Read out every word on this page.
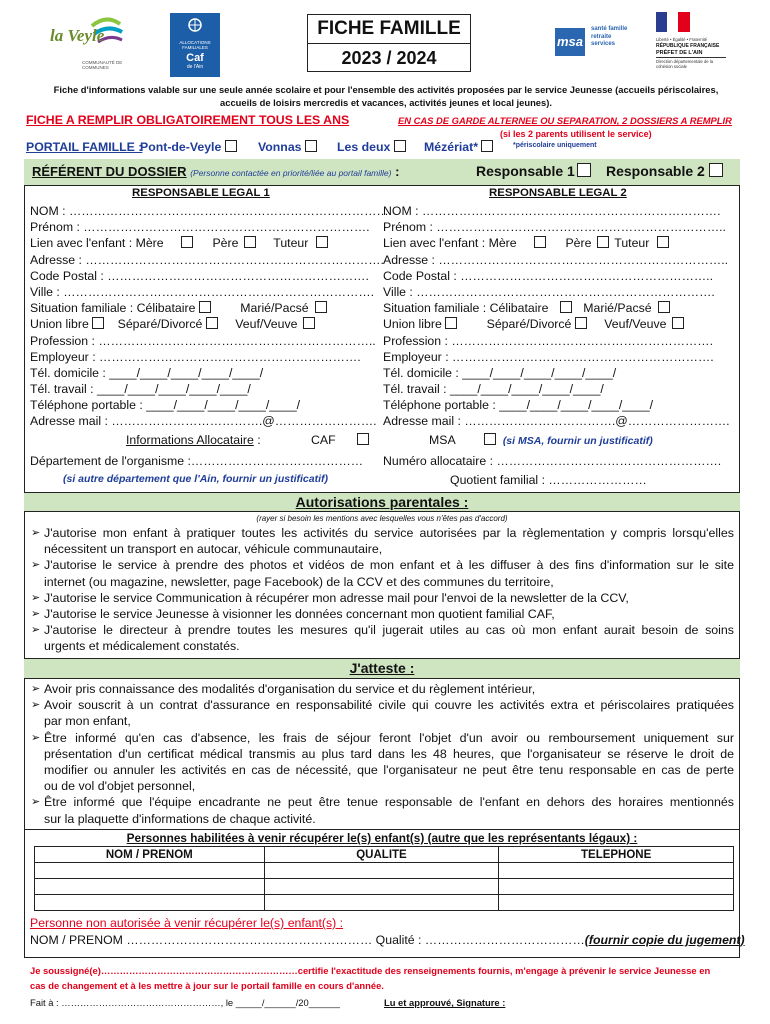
la Veyle
COMMUNAUTÉ DE COMMUNES
ALLOCATIONS FAMILIALES
Caf
de l'Ain
FICHE FAMILLE
2023 / 2024
msa
santé famille retraite services
Liberté • Égalité • Fraternité
RÉPUBLIQUE FRANÇAISE
PRÉFET DE L'AIN
Direction départementale de la cohésion sociale
Fiche d'informations valable sur une seule année scolaire et pour l'ensemble des activités proposées par le service Jeunesse (accueils périscolaires,
accueils de loisirs mercredis et vacances, activités jeunes et local jeunes).
FICHE A REMPLIR OBLIGATOIREMENT TOUS LES ANS	EN CAS DE GARDE ALTERNEE OU SEPARATION, 2 DOSSIERS A REMPLIR
(si les 2 parents utilisent le service)
*périscolaire uniquement
PORTAIL FAMILLE :
Pont-de-Veyle	Vonnas	Les deux	Mézériat*
RÉFÉRENT DU DOSSIER (Personne contactée en priorité/liée au portail famille) :	Responsable 1	Responsable 2
RESPONSABLE LEGAL 1
NOM : ……………………………………………………………………
Prénom : …………………………………………………………….
Lien avec l'enfant : Mère	Père	Tuteur
Adresse : ……………………………………………………………….
Code Postal : ……………………………………………………….
Ville : ………………………………………………………………….
Situation familiale : Célibataire	Marié/Pacsé
Union libre Séparé/Divorcé	Veuf/Veuve
Profession : …………………………………………………………..
Employeur : ……………………………………………………….
Tél. domicile : ____/____/____/____/____/
Tél. travail : ____/____/____/____/____/
Téléphone portable : ____/____/____/____/____/
Adresse mail : ……………………………….@…………………….
RESPONSABLE LEGAL 2
NOM : ……………………………………………………………….
Prénom : ……………………………………………………………..
Lien avec l'enfant : Mère	Père Tuteur
Adresse : ……………………………………………………………..
Code Postal : ……………………………………………………..
Ville : ……………………………………………………………….
Situation familiale : Célibataire	Marié/Pacsé
Union libre	Séparé/Divorcé	Veuf/Veuve
Profession : ……………………………………………………….
Employeur : ……………………………………………………….
Tél. domicile : ____/____/____/____/____/
Tél. travail : ____/____/____/____/____/
Téléphone portable : ____/____/____/____/____/
Adresse mail : ……………………………….@…………………….
Informations Allocataire :	CAF	MSA	(si MSA, fournir un justificatif)
Département de l'organisme :…………………………………… Numéro allocataire : ……………………………………………….
(si autre département que l'Ain, fournir un justificatif)	Quotient familial : ……………………
Autorisations parentales :
(rayer si besoin les mentions avec lesquelles vous n'êtes pas d'accord)
➢ J'autorise mon enfant à pratiquer toutes les activités du service autorisées par la règlementation y compris lorsqu'elles
nécessitent un transport en autocar, véhicule communautaire,
➢ J'autorise le service à prendre des photos et vidéos de mon enfant et à les diffuser à des fins d'information sur le site
internet (ou magazine, newsletter, page Facebook) de la CCV et des communes du territoire,
➢ J'autorise le service Communication à récupérer mon adresse mail pour l'envoi de la newsletter de la CCV,
➢ J'autorise le service Jeunesse à visionner les données concernant mon quotient familial CAF,
➢ J'autorise le directeur à prendre toutes les mesures qu'il jugerait utiles au cas où mon enfant aurait besoin de soins
urgents et médicalement constatés.
J'atteste :
➢ Avoir pris connaissance des modalités d'organisation du service et du règlement intérieur,
➢ Avoir souscrit à un contrat d'assurance en responsabilité civile qui couvre les activités extra et périscolaires pratiquées
par mon enfant,
➢ Être informé qu'en cas d'absence, les frais de séjour feront l'objet d'un avoir ou remboursement uniquement sur
présentation d'un certificat médical transmis au plus tard dans les 48 heures, que l'organisateur se réserve le droit de
modifier ou annuler les activités en cas de nécessité, que l'organisateur ne peut être tenu responsable en cas de perte
ou de vol d'objet personnel,
➢ Être informé que l'équipe encadrante ne peut être tenue responsable de l'enfant en dehors des horaires mentionnés
sur la plaquette d'informations de chaque activité.
Personnes habilitées à venir récupérer le(s) enfant(s) (autre que les représentants légaux) :
NOM / PRENOM	QUALITE	TELEPHONE

Personne non autorisée à venir récupérer le(s) enfant(s) :
NOM / PRENOM …………………………………………………… Qualité : …………………………………(fournir copie du jugement)
Je soussigné(e)………………………………………………………certifie l'exactitude des renseignements fournis, m'engage à prévenir le service Jeunesse en
cas de changement et à les mettre à jour sur le portail famille en cours d'année.
Fait à : ……………………………………………, le _____/______/20______	Lu et approuvé, Signature :
